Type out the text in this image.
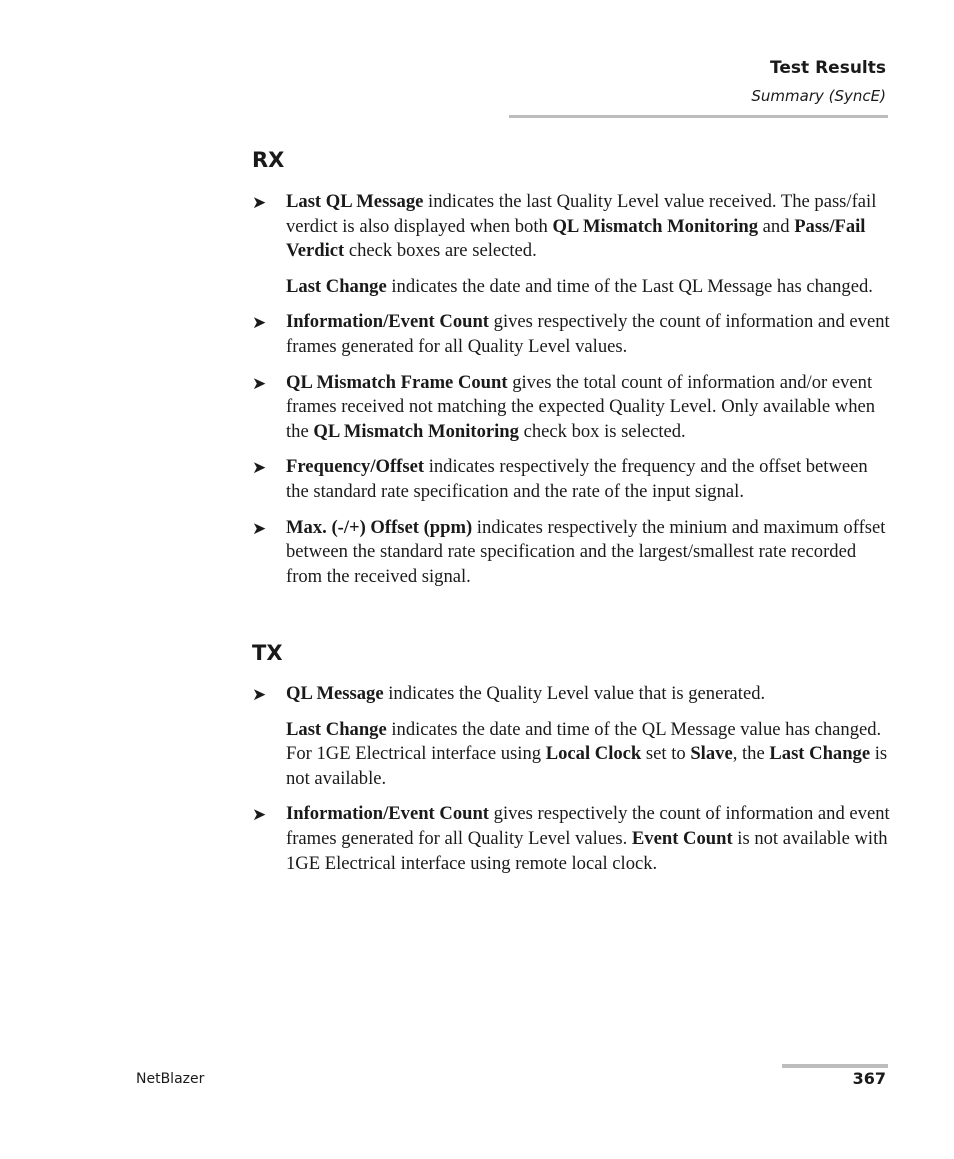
Test Results
Summary (SyncE)
RX
➤ Last QL Message indicates the last Quality Level value received. The pass/fail verdict is also displayed when both QL Mismatch Monitoring and Pass/Fail Verdict check boxes are selected.

Last Change indicates the date and time of the Last QL Message has changed.

➤ Information/Event Count gives respectively the count of information and event frames generated for all Quality Level values.

➤ QL Mismatch Frame Count gives the total count of information and/or event frames received not matching the expected Quality Level. Only available when the QL Mismatch Monitoring check box is selected.

➤ Frequency/Offset indicates respectively the frequency and the offset between the standard rate specification and the rate of the input signal.

➤ Max. (-/+) Offset (ppm) indicates respectively the minium and maximum offset between the standard rate specification and the largest/smallest rate recorded from the received signal.

TX
➤ QL Message indicates the Quality Level value that is generated.

Last Change indicates the date and time of the QL Message value has changed. For 1GE Electrical interface using Local Clock set to Slave, the Last Change is not available.

➤ Information/Event Count gives respectively the count of information and event frames generated for all Quality Level values. Event Count is not available with 1GE Electrical interface using remote local clock.

NetBlazer	367
